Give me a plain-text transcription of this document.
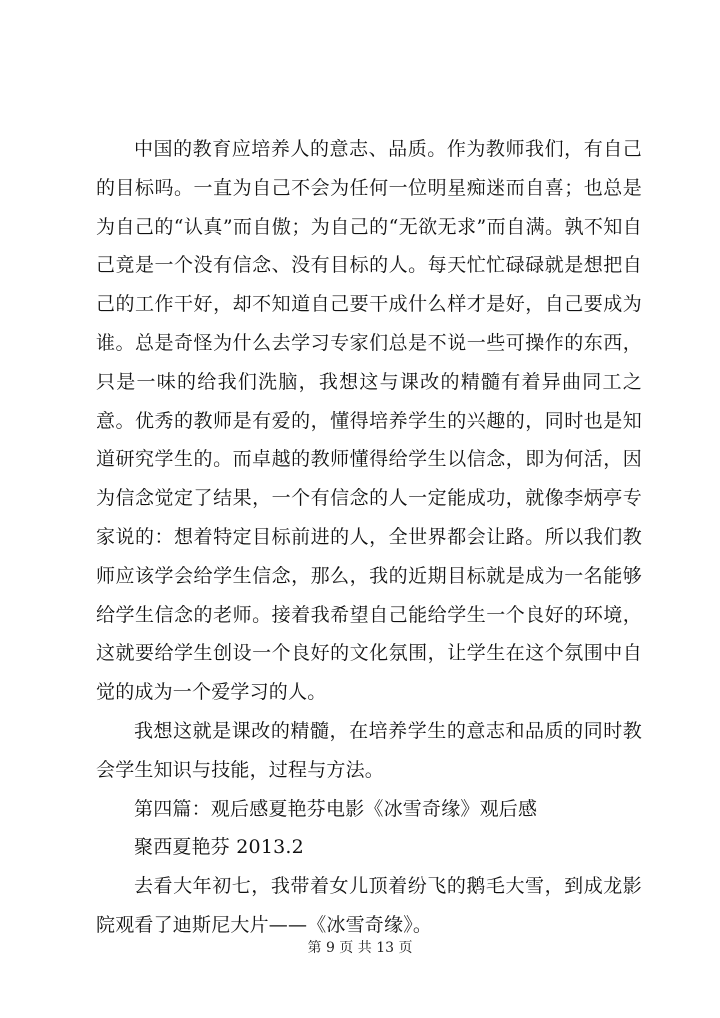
中国的教育应培养人的意志、品质。作为教师我们，有自己的目标吗。一直为自己不会为任何一位明星痴迷而自喜；也总是为自己的“认真”而自傲；为自己的“无欲无求”而自满。孰不知自己竟是一个没有信念、没有目标的人。每天忙忙碌碌就是想把自己的工作干好，却不知道自己要干成什么样才是好，自己要成为谁。总是奇怪为什么去学习专家们总是不说一些可操作的东西，只是一味的给我们洗脑，我想这与课改的精髓有着异曲同工之意。优秀的教师是有爱的，懂得培养学生的兴趣的，同时也是知道研究学生的。而卓越的教师懂得给学生以信念，即为何活，因为信念觉定了结果，一个有信念的人一定能成功，就像李炳亭专家说的：想着特定目标前进的人，全世界都会让路。所以我们教师应该学会给学生信念，那么，我的近期目标就是成为一名能够给学生信念的老师。接着我希望自己能给学生一个良好的环境，这就要给学生创设一个良好的文化氛围，让学生在这个氛围中自觉的成为一个爱学习的人。

我想这就是课改的精髓，在培养学生的意志和品质的同时教会学生知识与技能，过程与方法。

第四篇：观后感夏艳芬电影《冰雪奇缘》观后感

聚西夏艳芬 2013.2

去看大年初七，我带着女儿顶着纷飞的鹅毛大雪，到成龙影院观看了迪斯尼大片——《冰雪奇缘》。

第 9 页 共 13 页
